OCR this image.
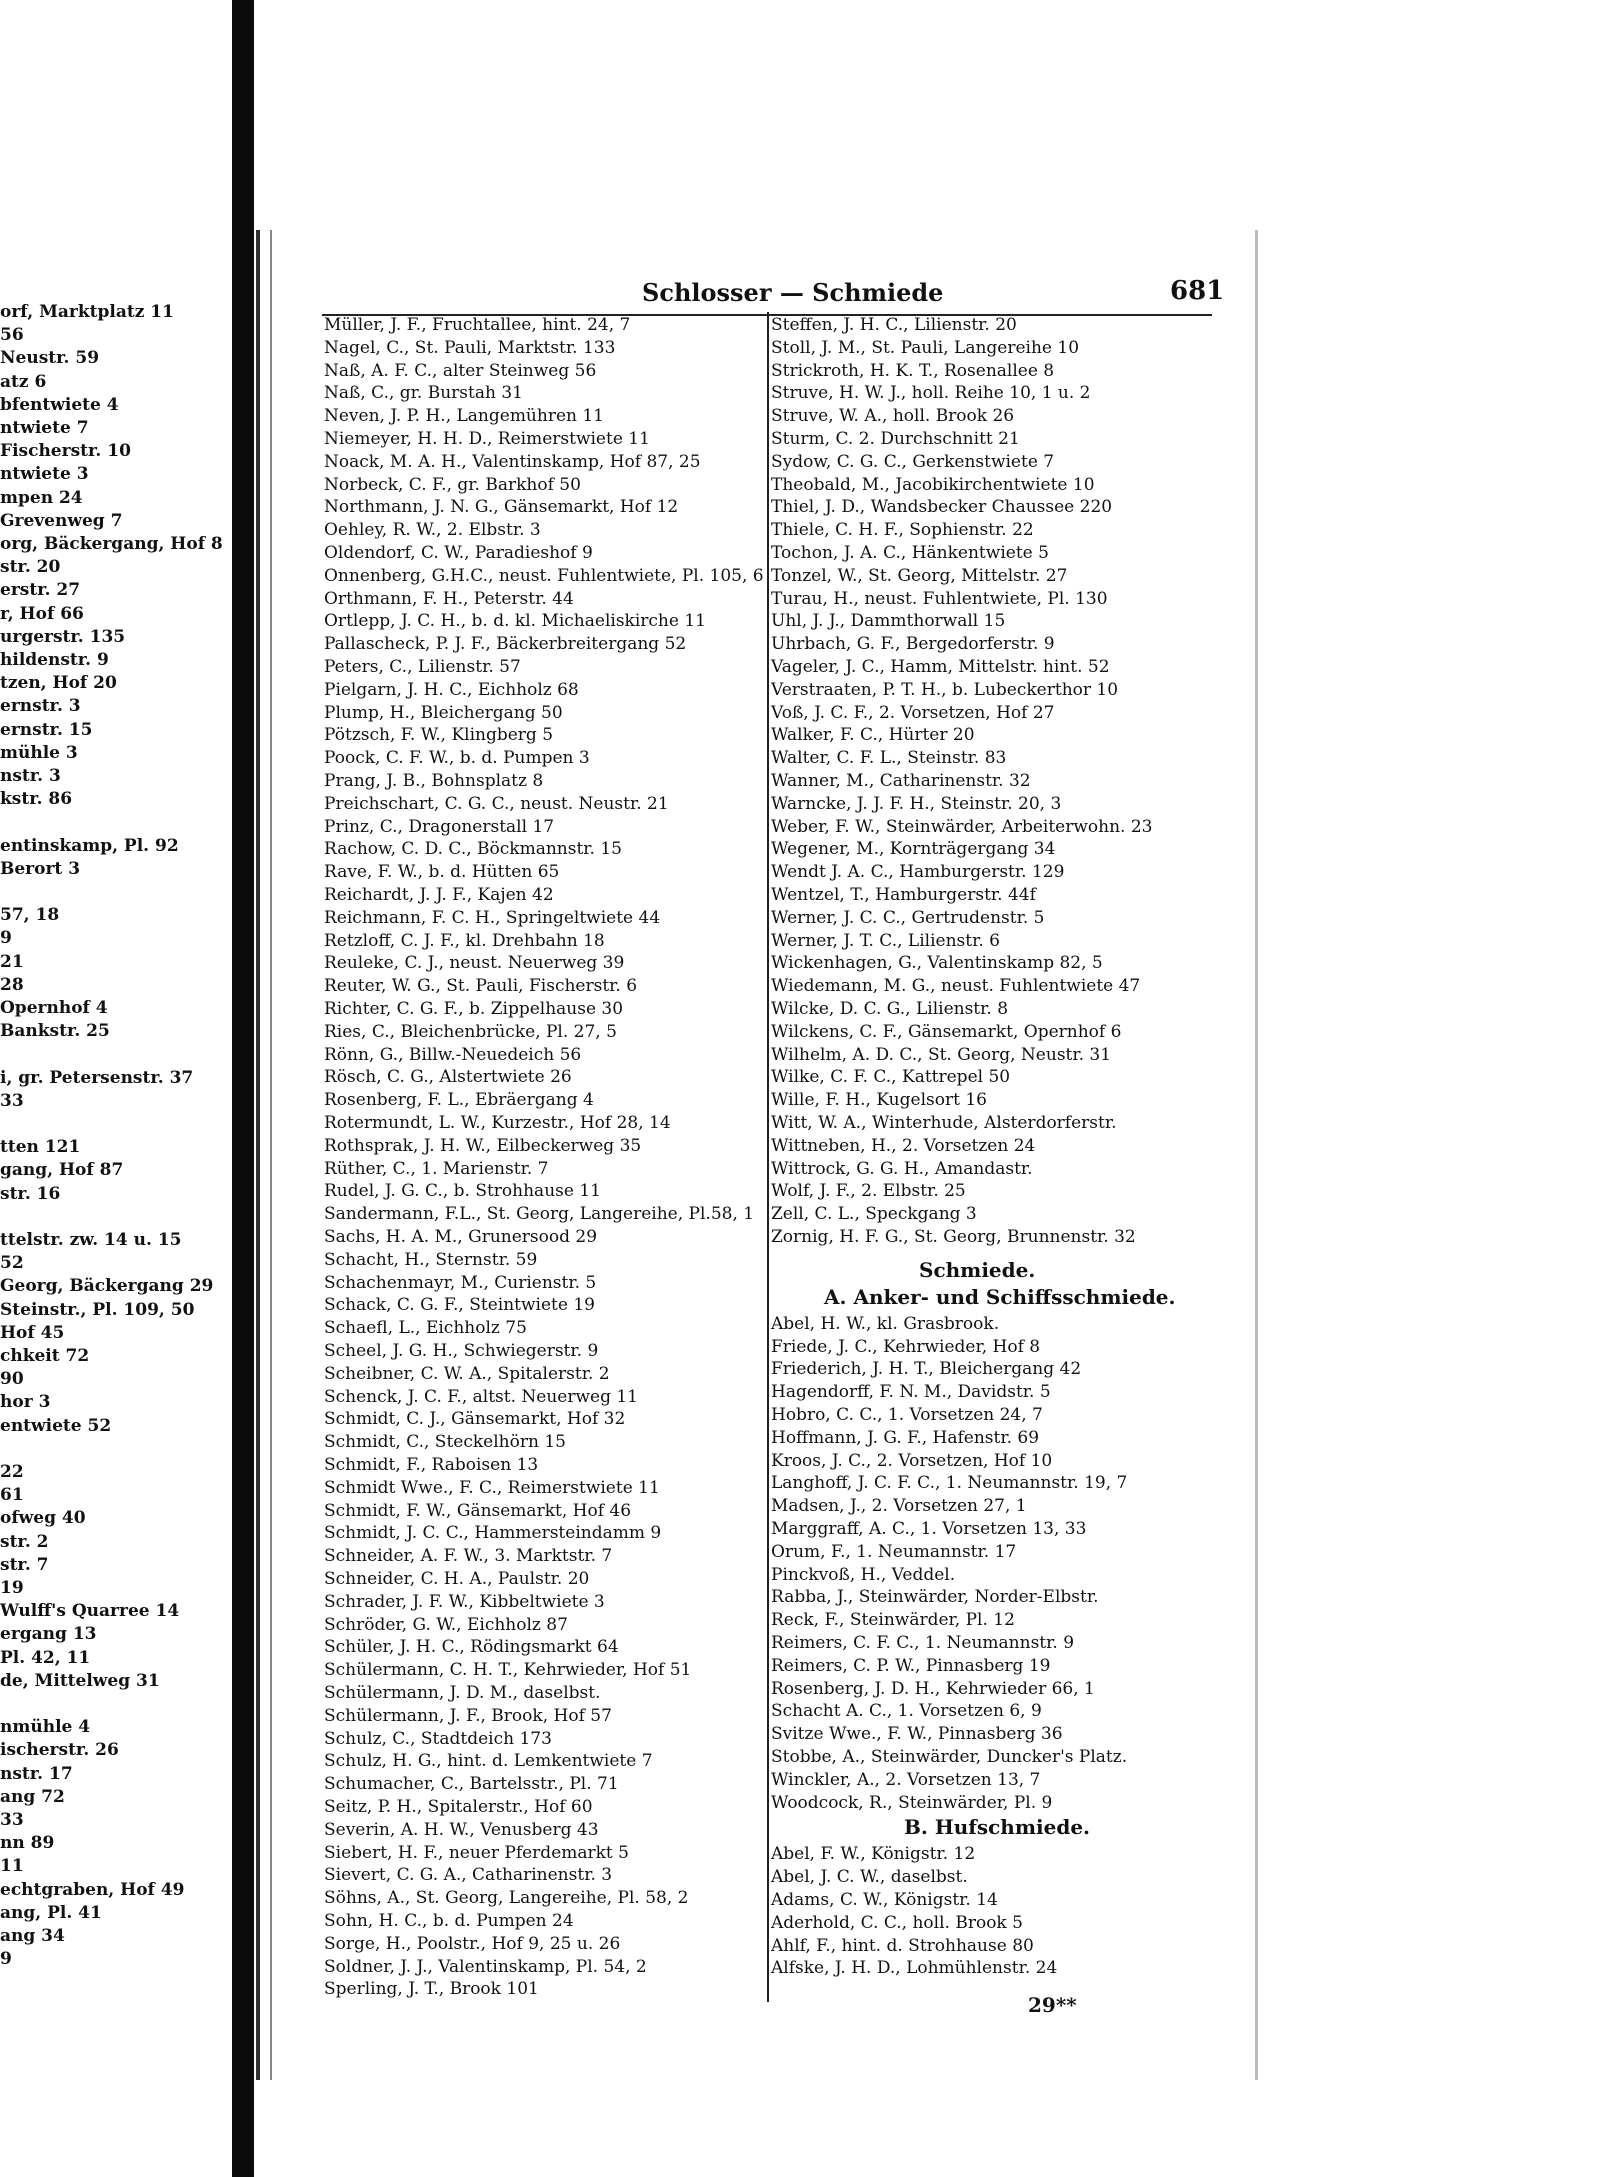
orf, Marktplatz 11
56
Neustr. 59
atz 6
bfentwiete 4
ntwiete 7
Fischerstr. 10
ntwiete 3
mpen 24
Grevenweg 7
org, Bäckergang, Hof 8
str. 20
erstr. 27
r, Hof 66
urgerstr. 135
hildenstr. 9
tzen, Hof 20
ernstr. 3
ernstr. 15
mühle 3
nstr. 3
kstr. 86
entinskamp, Pl. 92
Berort 3
57, 18
9
21
28
Opernhof 4
Bankstr. 25
i, gr. Petersenstr. 37
33
tten 121
gang, Hof 87
str. 16
ttelstr. zw. 14 u. 15
52
Georg, Bäckergang 29
Steinstr., Pl. 109, 50
Hof 45
chkeit 72
90
hor 3
entwiete 52
22
61
ofweg 40
str. 2
str. 7
19
Wulff's Quarree 14
ergang 13
Pl. 42, 11
de, Mittelweg 31
nmühle 4
ischerstr. 26
nstr. 17
ang 72
33
nn 89
11
echtgraben, Hof 49
ang, Pl. 41
ang 34
9
Schlosser — Schmiede	681
Müller, J. F., Fruchtallee, hint. 24, 7
Nagel, C., St. Pauli, Marktstr. 133
Naß, A. F. C., alter Steinweg 56
Naß, C., gr. Burstah 31
Neven, J. P. H., Langemühren 11
Niemeyer, H. H. D., Reimerstwiete 11
Noack, M. A. H., Valentinskamp, Hof 87, 25
Norbeck, C. F., gr. Barkhof 50
Northmann, J. N. G., Gänsemarkt, Hof 12
Oehley, R. W., 2. Elbstr. 3
Oldendorf, C. W., Paradieshof 9
Onnenberg, G.H.C., neust. Fuhlentwiete, Pl. 105, 6
Orthmann, F. H., Peterstr. 44
Ortlepp, J. C. H., b. d. kl. Michaeliskirche 11
Pallascheck, P. J. F., Bäckerbreitergang 52
Peters, C., Lilienstr. 57
Pielgarn, J. H. C., Eichholz 68
Plump, H., Bleichergang 50
Pötzsch, F. W., Klingberg 5
Poock, C. F. W., b. d. Pumpen 3
Prang, J. B., Bohnsplatz 8
Preichschart, C. G. C., neust. Neustr. 21
Prinz, C., Dragonerstall 17
Rachow, C. D. C., Böckmannstr. 15
Rave, F. W., b. d. Hütten 65
Reichardt, J. J. F., Kajen 42
Reichmann, F. C. H., Springeltwiete 44
Retzloff, C. J. F., kl. Drehbahn 18
Reuleke, C. J., neust. Neuerweg 39
Reuter, W. G., St. Pauli, Fischerstr. 6
Richter, C. G. F., b. Zippelhause 30
Ries, C., Bleichenbrücke, Pl. 27, 5
Rönn, G., Billw.-Neuedeich 56
Rösch, C. G., Alstertwiete 26
Rosenberg, F. L., Ebräergang 4
Rotermundt, L. W., Kurzestr., Hof 28, 14
Rothsprak, J. H. W., Eilbeckerweg 35
Rüther, C., 1. Marienstr. 7
Rudel, J. G. C., b. Strohhause 11
Sandermann, F.L., St. Georg, Langereihe, Pl.58, 1
Sachs, H. A. M., Grunersood 29
Schacht, H., Sternstr. 59
Schachenmayr, M., Curienstr. 5
Schack, C. G. F., Steintwiete 19
Schaefl, L., Eichholz 75
Scheel, J. G. H., Schwiegerstr. 9
Scheibner, C. W. A., Spitalerstr. 2
Schenck, J. C. F., altst. Neuerweg 11
Schmidt, C. J., Gänsemarkt, Hof 32
Schmidt, C., Steckelhörn 15
Schmidt, F., Raboisen 13
Schmidt Wwe., F. C., Reimerstwiete 11
Schmidt, F. W., Gänsemarkt, Hof 46
Schmidt, J. C. C., Hammersteindamm 9
Schneider, A. F. W., 3. Marktstr. 7
Schneider, C. H. A., Paulstr. 20
Schrader, J. F. W., Kibbeltwiete 3
Schröder, G. W., Eichholz 87
Schüler, J. H. C., Rödingsmarkt 64
Schülermann, C. H. T., Kehrwieder, Hof 51
Schülermann, J. D. M., daselbst.
Schülermann, J. F., Brook, Hof 57
Schulz, C., Stadtdeich 173
Schulz, H. G., hint. d. Lemkentwiete 7
Schumacher, C., Bartelsstr., Pl. 71
Seitz, P. H., Spitalerstr., Hof 60
Severin, A. H. W., Venusberg 43
Siebert, H. F., neuer Pferdemarkt 5
Sievert, C. G. A., Catharinenstr. 3
Söhns, A., St. Georg, Langereihe, Pl. 58, 2
Sohn, H. C., b. d. Pumpen 24
Sorge, H., Poolstr., Hof 9, 25 u. 26
Soldner, J. J., Valentinskamp, Pl. 54, 2
Sperling, J. T., Brook 101
Steffen, J. H. C., Lilienstr. 20
Stoll, J. M., St. Pauli, Langereihe 10
Strickroth, H. K. T., Rosenallee 8
Struve, H. W. J., holl. Reihe 10, 1 u. 2
Struve, W. A., holl. Brook 26
Sturm, C. 2. Durchschnitt 21
Sydow, C. G. C., Gerkenstwiete 7
Theobald, M., Jacobikirchentwiete 10
Thiel, J. D., Wandsbecker Chaussee 220
Thiele, C. H. F., Sophienstr. 22
Tochon, J. A. C., Hänkentwiete 5
Tonzel, W., St. Georg, Mittelstr. 27
Turau, H., neust. Fuhlentwiete, Pl. 130
Uhl, J. J., Dammthorwall 15
Uhrbach, G. F., Bergedorferstr. 9
Vageler, J. C., Hamm, Mittelstr. hint. 52
Verstraaten, P. T. H., b. Lubeckerthor 10
Voß, J. C. F., 2. Vorsetzen, Hof 27
Walker, F. C., Hürter 20
Walter, C. F. L., Steinstr. 83
Wanner, M., Catharinenstr. 32
Warncke, J. J. F. H., Steinstr. 20, 3
Weber, F. W., Steinwärder, Arbeiterwohn. 23
Wegener, M., Kornträgergang 34
Wendt J. A. C., Hamburgerstr. 129
Wentzel, T., Hamburgerstr. 44f
Werner, J. C. C., Gertrudenstr. 5
Werner, J. T. C., Lilienstr. 6
Wickenhagen, G., Valentinskamp 82, 5
Wiedemann, M. G., neust. Fuhlentwiete 47
Wilcke, D. C. G., Lilienstr. 8
Wilckens, C. F., Gänsemarkt, Opernhof 6
Wilhelm, A. D. C., St. Georg, Neustr. 31
Wilke, C. F. C., Kattrepel 50
Wille, F. H., Kugelsort 16
Witt, W. A., Winterhude, Alsterdorferstr.
Wittneben, H., 2. Vorsetzen 24
Wittrock, G. G. H., Amandastr.
Wolf, J. F., 2. Elbstr. 25
Zell, C. L., Speckgang 3
Zornig, H. F. G., St. Georg, Brunnenstr. 32
Schmiede.
A. Anker- und Schiffsschmiede.
Abel, H. W., kl. Grasbrook.
Friede, J. C., Kehrwieder, Hof 8
Friederich, J. H. T., Bleichergang 42
Hagendorff, F. N. M., Davidstr. 5
Hobro, C. C., 1. Vorsetzen 24, 7
Hoffmann, J. G. F., Hafenstr. 69
Kroos, J. C., 2. Vorsetzen, Hof 10
Langhoff, J. C. F. C., 1. Neumannstr. 19, 7
Madsen, J., 2. Vorsetzen 27, 1
Marggraff, A. C., 1. Vorsetzen 13, 33
Orum, F., 1. Neumannstr. 17
Pinckvoß, H., Veddel.
Rabba, J., Steinwärder, Norder-Elbstr.
Reck, F., Steinwärder, Pl. 12
Reimers, C. F. C., 1. Neumannstr. 9
Reimers, C. P. W., Pinnasberg 19
Rosenberg, J. D. H., Kehrwieder 66, 1
Schacht A. C., 1. Vorsetzen 6, 9
Svitze Wwe., F. W., Pinnasberg 36
Stobbe, A., Steinwärder, Duncker's Platz.
Winckler, A., 2. Vorsetzen 13, 7
Woodcock, R., Steinwärder, Pl. 9
B. Hufschmiede.
Abel, F. W., Königstr. 12
Abel, J. C. W., daselbst.
Adams, C. W., Königstr. 14
Aderhold, C. C., holl. Brook 5
Ahlf, F., hint. d. Strohhause 80
Alfske, J. H. D., Lohmühlenstr. 24
29**
